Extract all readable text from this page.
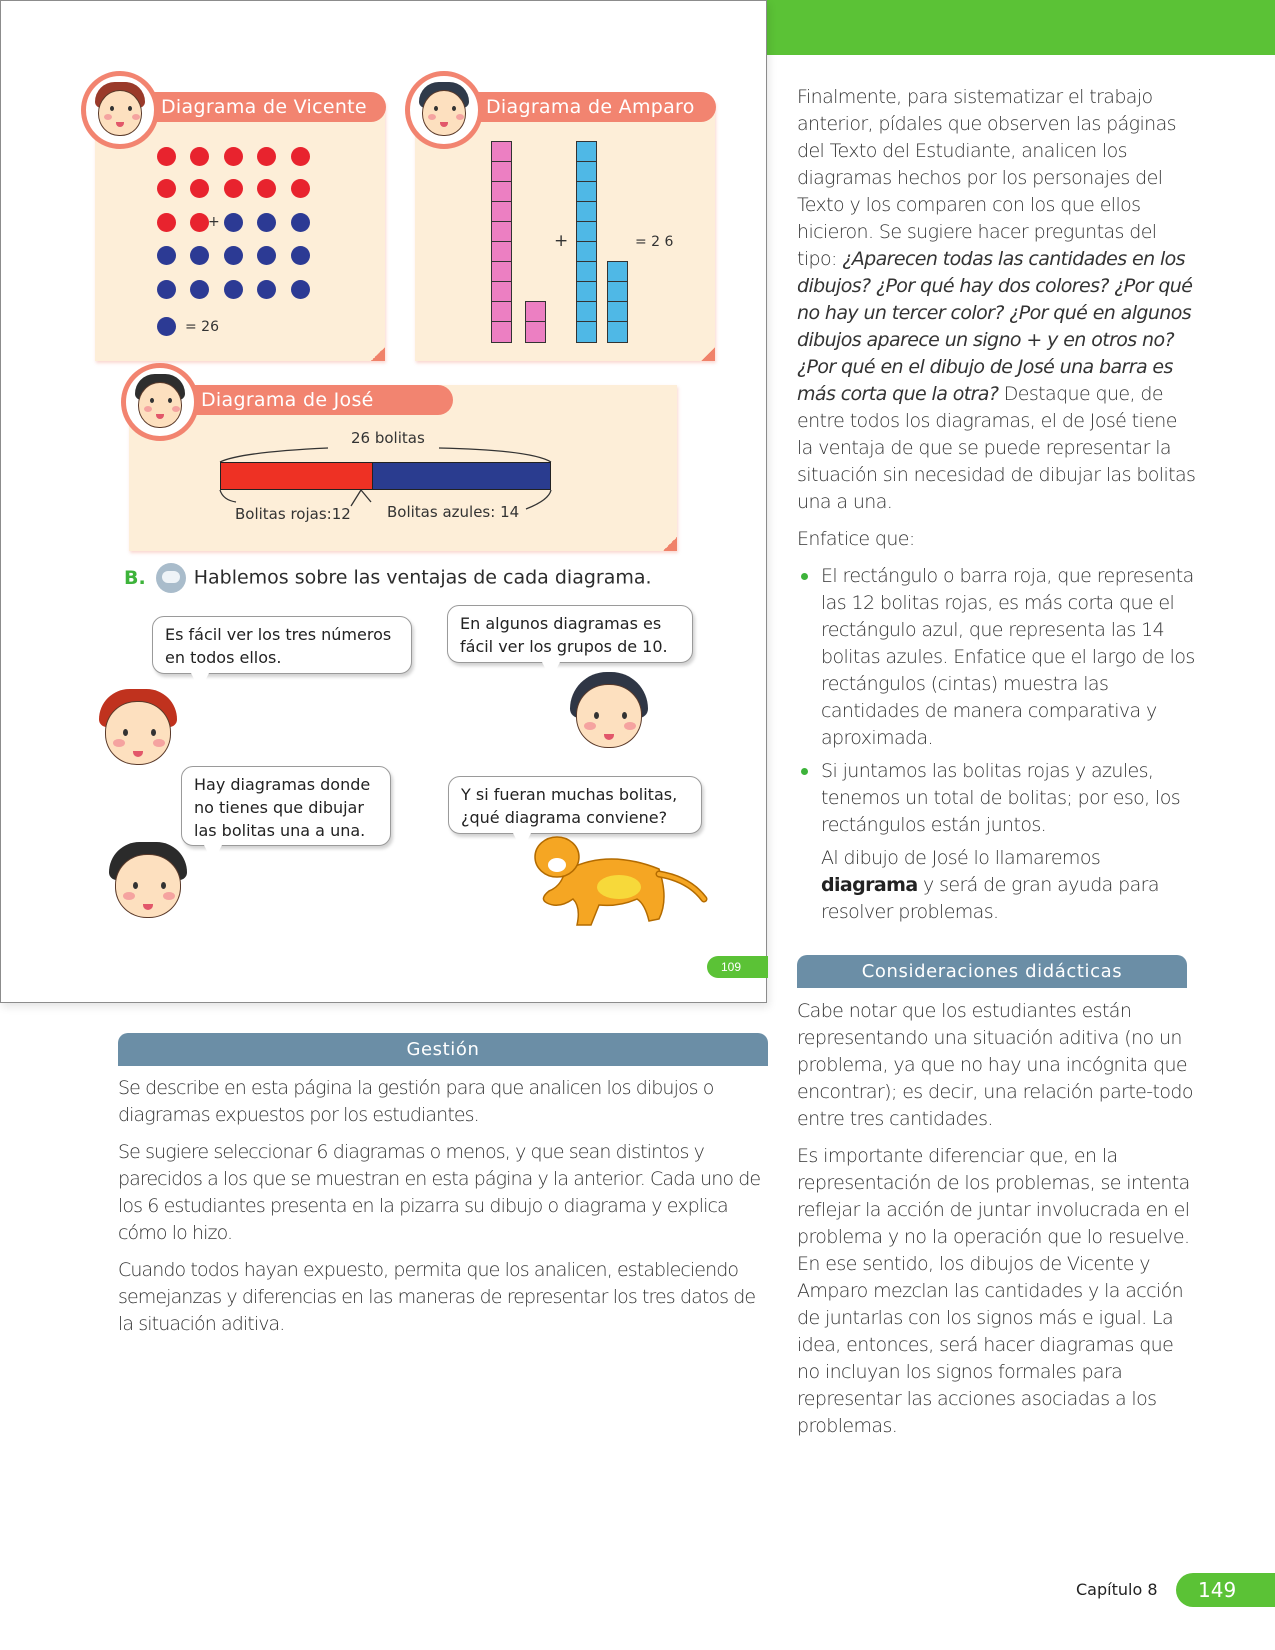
Diagrama de Vicente
+
= 26
Diagrama de Amparo
+	= 2 6
Diagrama de José
26 bolitas
Bolitas rojas:12 Bolitas azules: 14
B.	Hablemos sobre las ventajas de cada diagrama.
Es fácil ver los tres números
en todos ellos.
En algunos diagramas es
fácil ver los grupos de 10.
Hay diagramas donde
no tienes que dibujar
las bolitas una a una.
Y si fueran muchas bolitas,
¿qué diagrama conviene?
109

Finalmente, para sistematizar el trabajo anterior, pídales que observen las páginas del Texto del Estudiante, analicen los diagramas hechos por los personajes del Texto y los comparen con los que ellos hicieron. Se sugiere hacer preguntas del tipo: ¿Aparecen todas las cantidades en los dibujos? ¿Por qué hay dos colores? ¿Por qué no hay un tercer color? ¿Por qué en algunos dibujos aparece un signo + y en otros no? ¿Por qué en el dibujo de José una barra es más corta que la otra? Destaque que, de entre todos los diagramas, el de José tiene la ventaja de que se puede representar la situación sin necesidad de dibujar las bolitas una a una.

Enfatice que:

El rectángulo o barra roja, que representa las 12 bolitas rojas, es más corta que el rectángulo azul, que representa las 14 bolitas azules. Enfatice que el largo de los rectángulos (cintas) muestra las cantidades de manera comparativa y aproximada.
Si juntamos las bolitas rojas y azules, tenemos un total de bolitas; por eso, los rectángulos están juntos.

Al dibujo de José lo llamaremos diagrama y será de gran ayuda para resolver problemas.

Consideraciones didácticas

Cabe notar que los estudiantes están representando una situación aditiva (no un problema, ya que no hay una incógnita que encontrar); es decir, una relación parte-todo entre tres cantidades.

Es importante diferenciar que, en la representación de los problemas, se intenta reflejar la acción de juntar involucrada en el problema y no la operación que lo resuelve. En ese sentido, los dibujos de Vicente y Amparo mezclan las cantidades y la acción de juntarlas con los signos más e igual. La idea, entonces, será hacer diagramas que no incluyan los signos formales para representar las acciones asociadas a los problemas.

Gestión

Se describe en esta página la gestión para que analicen los dibujos o diagramas expuestos por los estudiantes.

Se sugiere seleccionar 6 diagramas o menos, y que sean distintos y parecidos a los que se muestran en esta página y la anterior. Cada uno de los 6 estudiantes presenta en la pizarra su dibujo o diagrama y explica cómo lo hizo.

Cuando todos hayan expuesto, permita que los analicen, estableciendo semejanzas y diferencias en las maneras de representar los tres datos de la situación aditiva.

Capítulo 8	149
